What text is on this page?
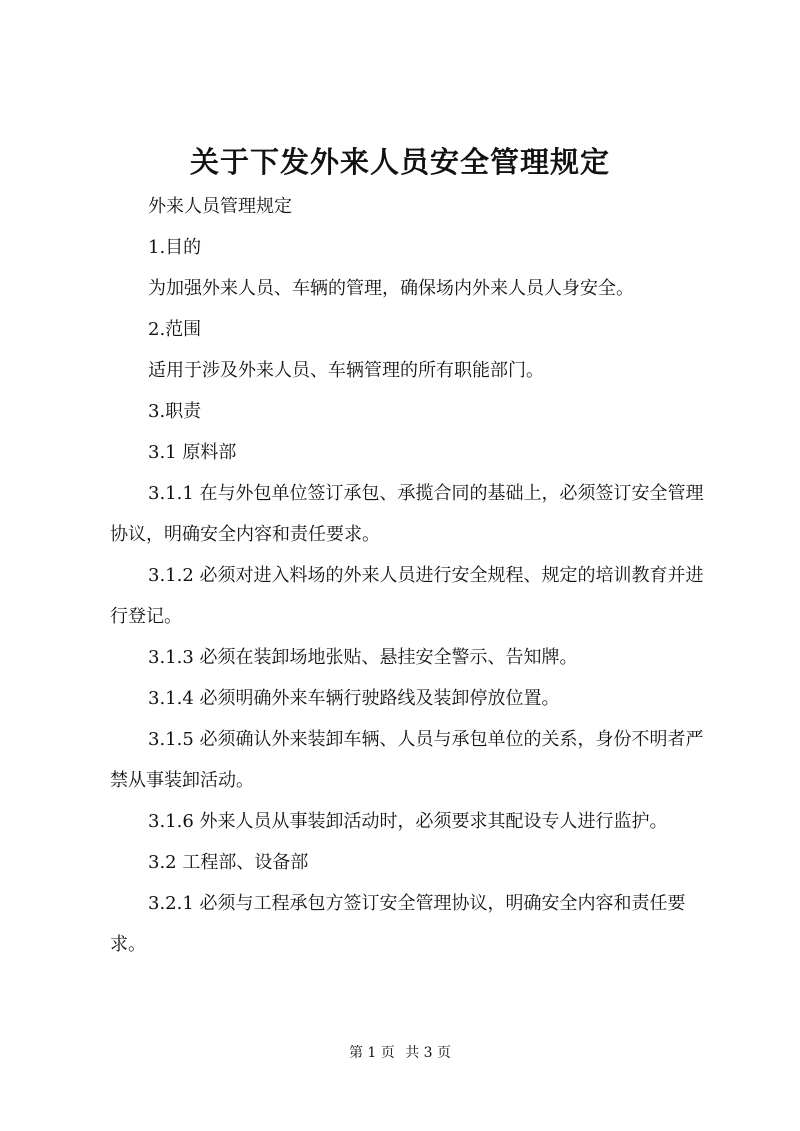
关于下发外来人员安全管理规定

外来人员管理规定

1.目的

为加强外来人员、车辆的管理，确保场内外来人员人身安全。

2.范围

适用于涉及外来人员、车辆管理的所有职能部门。

3.职责

3.1 原料部

3.1.1 在与外包单位签订承包、承揽合同的基础上，必须签订安全管理协议，明确安全内容和责任要求。

3.1.2 必须对进入料场的外来人员进行安全规程、规定的培训教育并进行登记。

3.1.3 必须在装卸场地张贴、悬挂安全警示、告知牌。

3.1.4 必须明确外来车辆行驶路线及装卸停放位置。

3.1.5 必须确认外来装卸车辆、人员与承包单位的关系，身份不明者严禁从事装卸活动。

3.1.6 外来人员从事装卸活动时，必须要求其配设专人进行监护。

3.2 工程部、设备部

3.2.1 必须与工程承包方签订安全管理协议，明确安全内容和责任要求。

第 1 页 共 3 页
